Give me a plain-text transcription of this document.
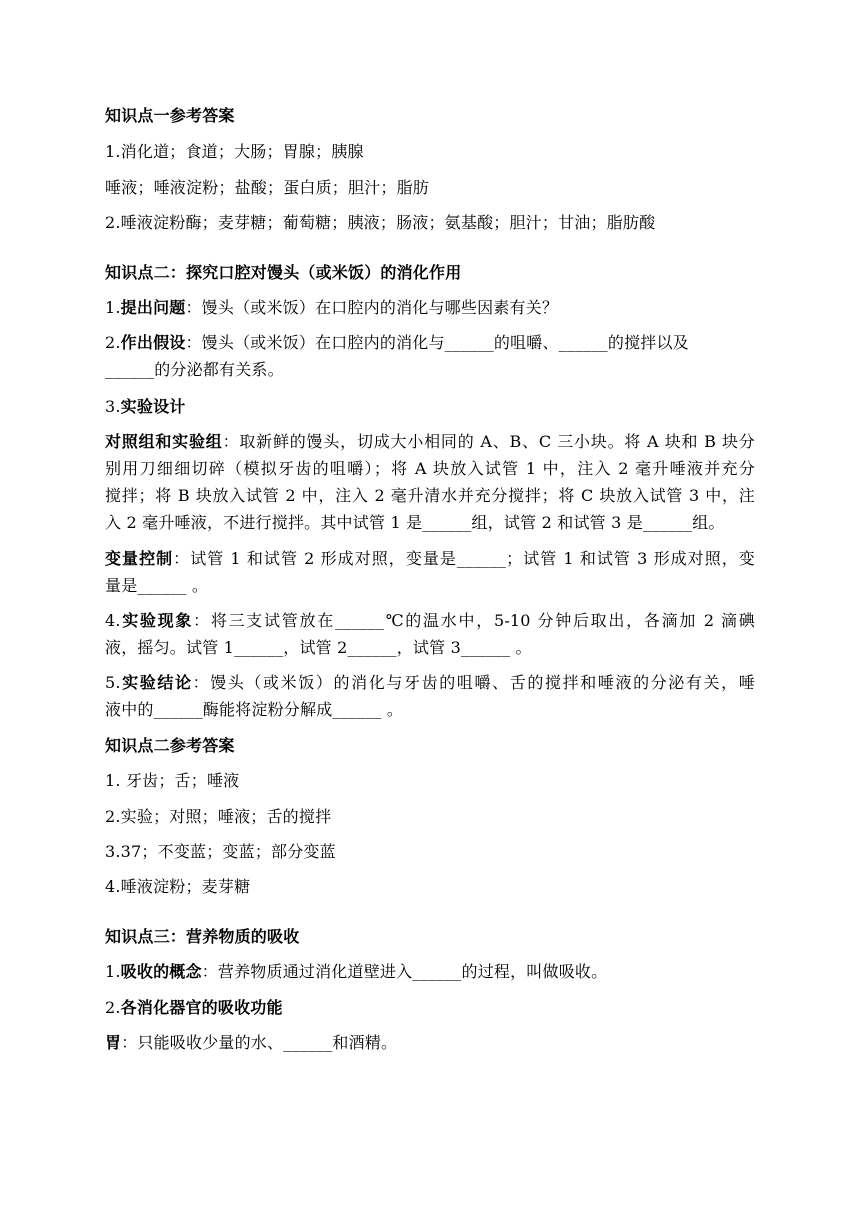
知识点一参考答案
1.消化道；食道；大肠；胃腺；胰腺
唾液；唾液淀粉；盐酸；蛋白质；胆汁；脂肪
2.唾液淀粉酶；麦芽糖；葡萄糖；胰液；肠液；氨基酸；胆汁；甘油；脂肪酸
知识点二：探究口腔对馒头（或米饭）的消化作用
1.提出问题：馒头（或米饭）在口腔内的消化与哪些因素有关？
2.作出假设：馒头（或米饭）在口腔内的消化与______的咀嚼、______的搅拌以及
______的分泌都有关系。
3.实验设计
对照组和实验组：取新鲜的馒头，切成大小相同的 A、B、C 三小块。将 A 块和 B 块分
别用刀细细切碎（模拟牙齿的咀嚼）；将 A 块放入试管 1 中，注入 2 毫升唾液并充分
搅拌；将 B 块放入试管 2 中，注入 2 毫升清水并充分搅拌；将 C 块放入试管 3 中，注
入 2 毫升唾液，不进行搅拌。其中试管 1 是______组，试管 2 和试管 3 是______组。
变量控制：试管 1 和试管 2 形成对照，变量是______；试管 1 和试管 3 形成对照，变
量是______ 。
4.实验现象：将三支试管放在______℃的温水中，5-10 分钟后取出，各滴加 2 滴碘
液，摇匀。试管 1______，试管 2______，试管 3______ 。
5.实验结论：馒头（或米饭）的消化与牙齿的咀嚼、舌的搅拌和唾液的分泌有关，唾
液中的______酶能将淀粉分解成______ 。
知识点二参考答案
1. 牙齿；舌；唾液
2.实验；对照；唾液；舌的搅拌
3.37；不变蓝；变蓝；部分变蓝
4.唾液淀粉；麦芽糖
知识点三：营养物质的吸收
1.吸收的概念：营养物质通过消化道壁进入______的过程，叫做吸收。
2.各消化器官的吸收功能
胃：只能吸收少量的水、______和酒精。
